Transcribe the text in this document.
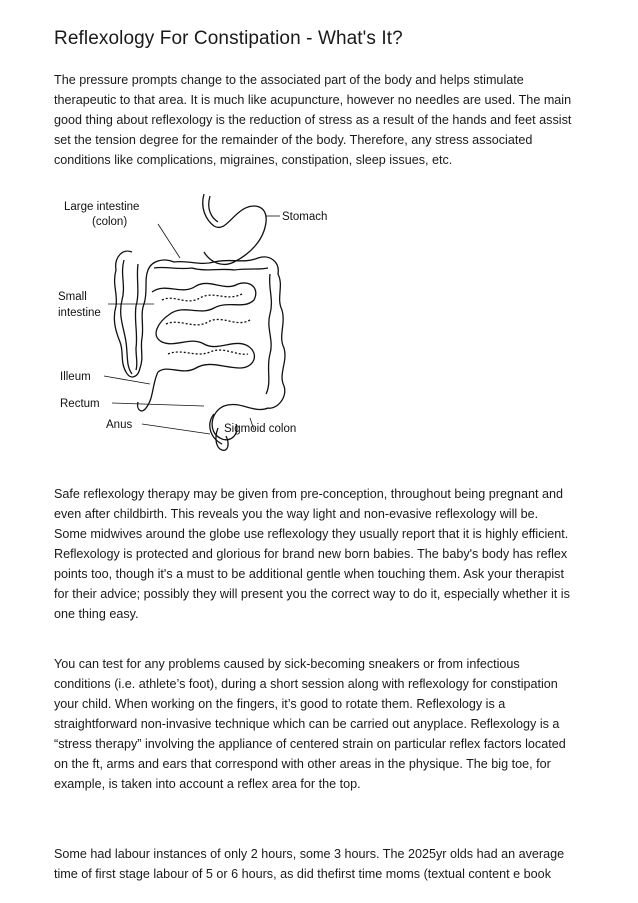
Reflexology For Constipation - What's It?

The pressure prompts change to the associated part of the body and helps stimulate
therapeutic to that area. It is much like acupuncture, however no needles are used. The main
good thing about reflexology is the reduction of stress as a result of the hands and feet assist
set the tension degree for the remainder of the body. Therefore, any stress associated
conditions like complications, migraines, constipation, sleep issues, etc.

Large intestine
(colon)	Stomach
Small
intestine
Illeum
Rectum
Anus	Sigmoid colon

Safe reflexology therapy may be given from pre-conception, throughout being pregnant and
even after childbirth. This reveals you the way light and non-evasive reflexology will be.
Some midwives around the globe use reflexology they usually report that it is highly efficient.
Reflexology is protected and glorious for brand new born babies. The baby's body has reflex
points too, though it's a must to be additional gentle when touching them. Ask your therapist
for their advice; possibly they will present you the correct way to do it, especially whether it is
one thing easy.

You can test for any problems caused by sick-becoming sneakers or from infectious
conditions (i.e. athlete’s foot), during a short session along with reflexology for constipation
your child. When working on the fingers, it’s good to rotate them. Reflexology is a
straightforward non-invasive technique which can be carried out anyplace. Reflexology is a
“stress therapy” involving the appliance of centered strain on particular reflex factors located
on the ft, arms and ears that correspond with other areas in the physique. The big toe, for
example, is taken into account a reflex area for the top.

Some had labour instances of only 2 hours, some 3 hours. The 2025yr olds had an average
time of first stage labour of 5 or 6 hours, as did thefirst time moms (textual content e book
